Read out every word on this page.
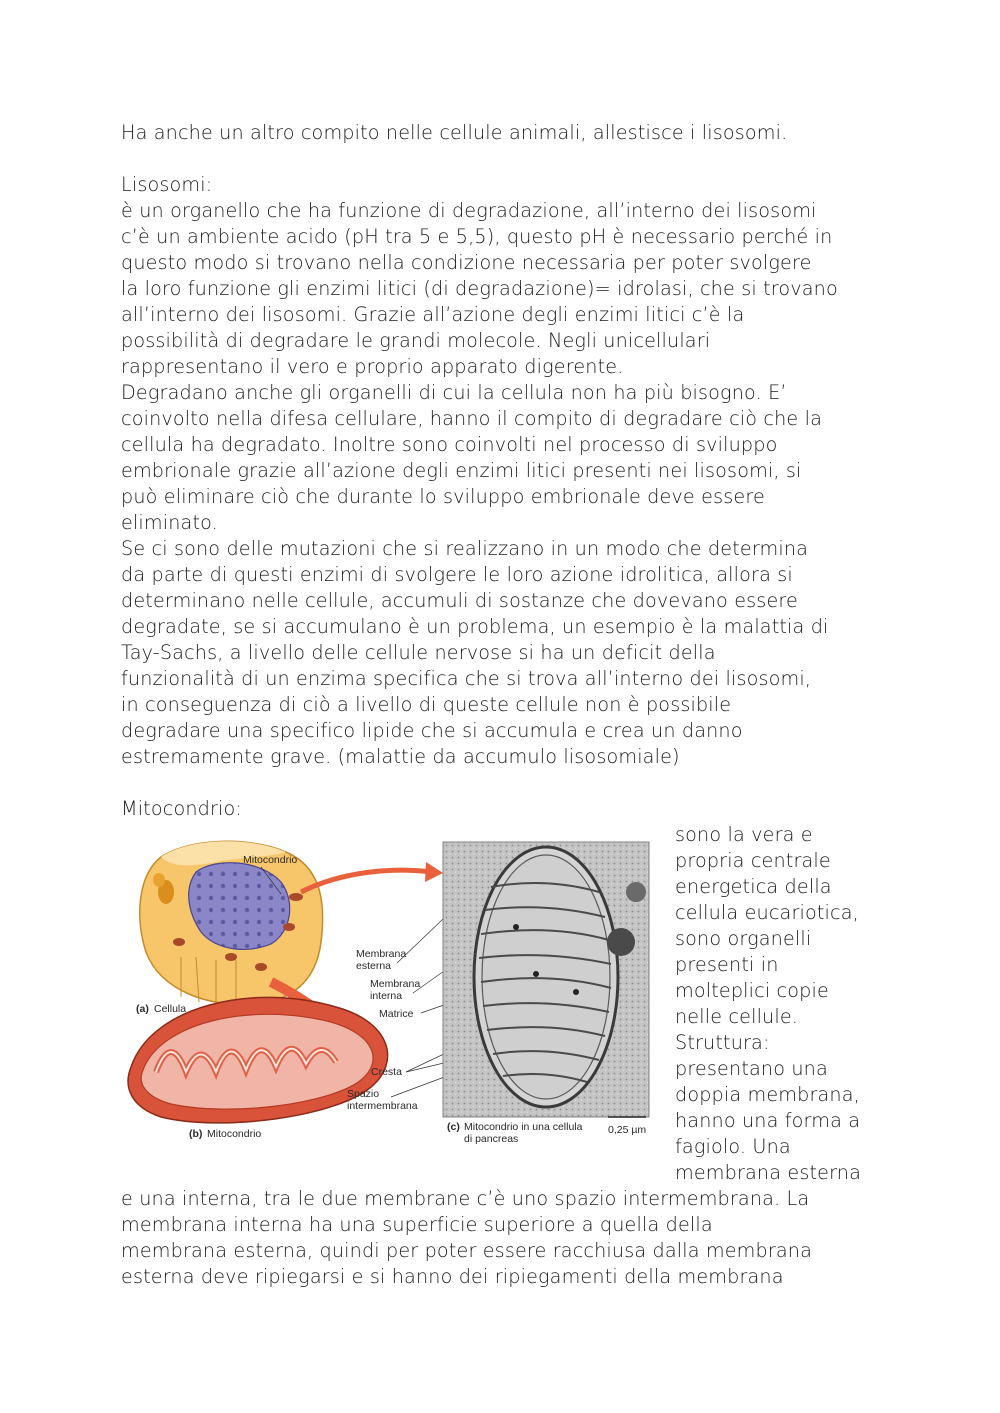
Ha anche un altro compito nelle cellule animali, allestisce i lisosomi.

Lisosomi:

è un organello che ha funzione di degradazione, all’interno dei lisosomi

c’è un ambiente acido (pH tra 5 e 5,5), questo pH è necessario perché in

questo modo si trovano nella condizione necessaria per poter svolgere

la loro funzione gli enzimi litici (di degradazione)= idrolasi, che si trovano

all’interno dei lisosomi. Grazie all’azione degli enzimi litici c’è la

possibilità di degradare le grandi molecole. Negli unicellulari

rappresentano il vero e proprio apparato digerente.

Degradano anche gli organelli di cui la cellula non ha più bisogno. E’

coinvolto nella difesa cellulare, hanno il compito di degradare ciò che la

cellula ha degradato. Inoltre sono coinvolti nel processo di sviluppo

embrionale grazie all’azione degli enzimi litici presenti nei lisosomi, si

può eliminare ciò che durante lo sviluppo embrionale deve essere

eliminato.

Se ci sono delle mutazioni che si realizzano in un modo che determina

da parte di questi enzimi di svolgere le loro azione idrolitica, allora si

determinano nelle cellule, accumuli di sostanze che dovevano essere

degradate, se si accumulano è un problema, un esempio è la malattia di

Tay-Sachs, a livello delle cellule nervose si ha un deficit della

funzionalità di un enzima specifica che si trova all’interno dei lisosomi,

in conseguenza di ciò a livello di queste cellule non è possibile

degradare una specifico lipide che si accumula e crea un danno

estremamente grave. (malattie da accumulo lisosomiale)

Mitocondrio:

sono la vera e

propria centrale

energetica della

cellula eucariotica,

sono organelli

presenti in

molteplici copie

nelle cellule.

Struttura:

presentano una

doppia membrana,

hanno una forma a

fagiolo. Una

membrana esterna

e una interna, tra le due membrane c’è uno spazio intermembrana. La

membrana interna ha una superficie superiore a quella della

membrana esterna, quindi per poter essere racchiusa dalla membrana

esterna deve ripiegarsi e si hanno dei ripiegamenti della membrana

Mitocondrio
Membrana
esterna
Membrana
interna
Matrice
Cresta
Spazio
intermembrana
(a) Cellula
(b) Mitocondrio
(c) Mitocondrio in una cellula
di pancreas
0,25 µm
